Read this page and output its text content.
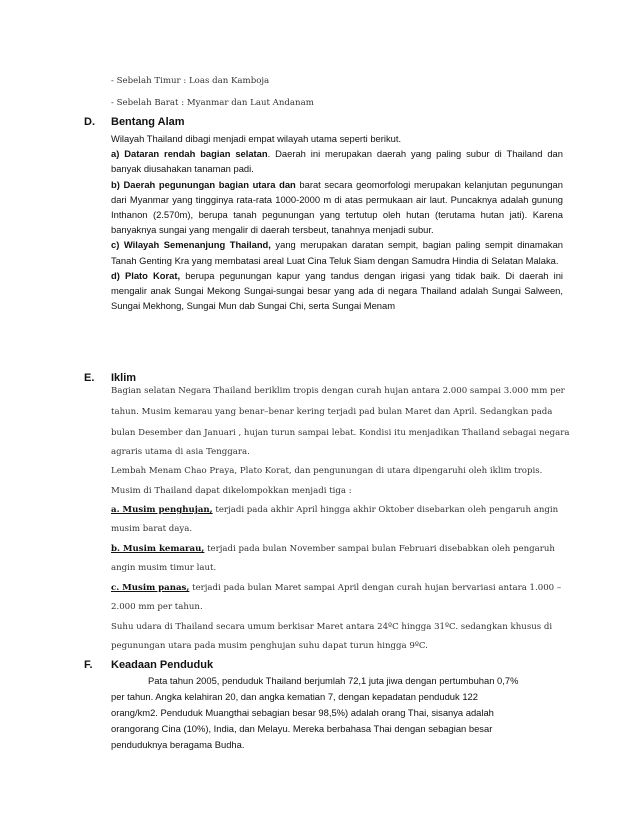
- Sebelah Timur : Loas dan Kamboja
- Sebelah Barat : Myanmar dan Laut Andanam
D. Bentang Alam

Wilayah Thailand dibagi menjadi empat wilayah utama seperti berikut.

a) Dataran rendah bagian selatan. Daerah ini merupakan daerah yang paling subur di Thailand dan banyak diusahakan tanaman padi.

b) Daerah pegunungan bagian utara dan barat secara geomorfologi merupakan kelanjutan pegunungan dari Myanmar yang tingginya rata-rata 1000-2000 m di atas permukaan air laut. Puncaknya adalah gunung Inthanon (2.570m), berupa tanah pegunungan yang tertutup oleh hutan (terutama hutan jati). Karena banyaknya sungai yang mengalir di daerah tersbeut, tanahnya menjadi subur.

c) Wilayah Semenanjung Thailand, yang merupakan daratan sempit, bagian paling sempit dinamakan Tanah Genting Kra yang membatasi areal Luat Cina Teluk Siam dengan Samudra Hindia di Selatan Malaka.

d) Plato Korat, berupa pegunungan kapur yang tandus dengan irigasi yang tidak baik. Di daerah ini mengalir anak Sungai Mekong Sungai-sungai besar yang ada di negara Thailand adalah Sungai Salween, Sungai Mekhong, Sungai Mun dab Sungai Chi, serta Sungai Menam

E. Iklim
Bagian selatan Negara Thailand beriklim tropis dengan curah hujan antara 2.000 sampai 3.000 mm per
tahun. Musim kemarau yang benar–benar kering terjadi pad bulan Maret dan April. Sedangkan pada
bulan Desember dan Januari , hujan turun sampai lebat. Kondisi itu menjadikan Thailand sebagai negara
agraris utama di asia Tenggara.
Lembah Menam Chao Praya, Plato Korat, dan pengunungan di utara dipengaruhi oleh iklim tropis.
Musim di Thailand dapat dikelompokkan menjadi tiga :
a. Musim penghujan, terjadi pada akhir April hingga akhir Oktober disebarkan oleh pengaruh angin
musim barat daya.
b. Musim kemarau, terjadi pada bulan November sampai bulan Februari disebabkan oleh pengaruh
angin musim timur laut.
c. Musim panas, terjadi pada bulan Maret sampai April dengan curah hujan bervariasi antara 1.000 –
2.000 mm per tahun.
Suhu udara di Thailand secara umum berkisar Maret antara 24ºC hingga 31ºC. sedangkan khusus di
pegunungan utara pada musim penghujan suhu dapat turun hingga 9ºC.
F. Keadaan Penduduk
Pata tahun 2005, penduduk Thailand berjumlah 72,1 juta jiwa dengan pertumbuhan 0,7%
per tahun. Angka kelahiran 20, dan angka kematian 7, dengan kepadatan penduduk 122
orang/km2. Penduduk Muangthai sebagian besar 98,5%) adalah orang Thai, sisanya adalah
orangorang Cina (10%), India, dan Melayu. Mereka berbahasa Thai dengan sebagian besar
penduduknya beragama Budha.
